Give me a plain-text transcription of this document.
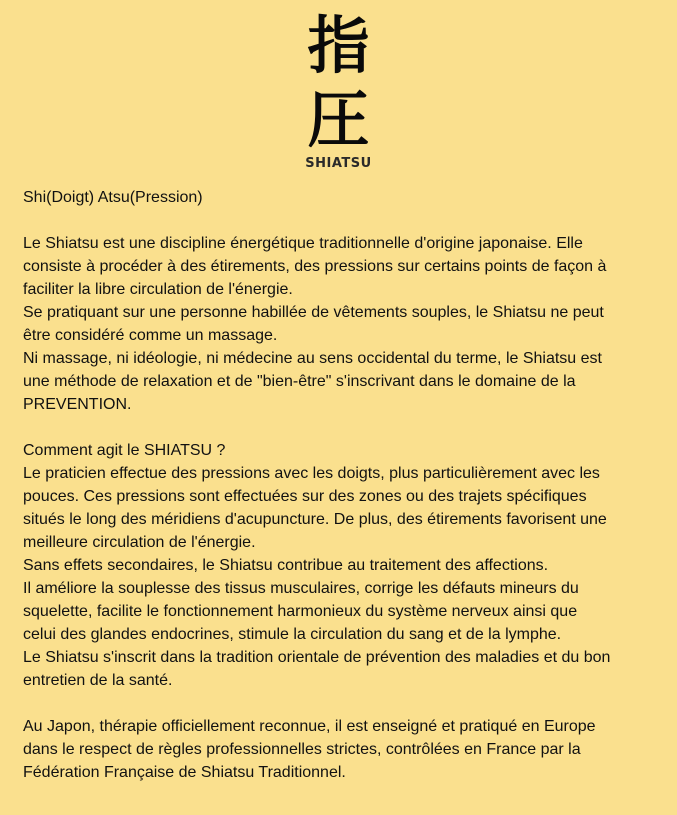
指
圧
SHIATSU

Shi(Doigt) Atsu(Pression)

Le Shiatsu est une discipline énergétique traditionnelle d'origine japonaise. Elle

consiste à procéder à des étirements, des pressions sur certains points de façon à

faciliter la libre circulation de l'énergie.

Se pratiquant sur une personne habillée de vêtements souples, le Shiatsu ne peut

être considéré comme un massage.

Ni massage, ni idéologie, ni médecine au sens occidental du terme, le Shiatsu est

une méthode de relaxation et de "bien-être" s'inscrivant dans le domaine de la

PREVENTION.

Comment agit le SHIATSU ?

Le praticien effectue des pressions avec les doigts, plus particulièrement avec les

pouces. Ces pressions sont effectuées sur des zones ou des trajets spécifiques

situés le long des méridiens d'acupuncture. De plus, des étirements favorisent une

meilleure circulation de l'énergie.

Sans effets secondaires, le Shiatsu contribue au traitement des affections.

Il améliore la souplesse des tissus musculaires, corrige les défauts mineurs du

squelette, facilite le fonctionnement harmonieux du système nerveux ainsi que

celui des glandes endocrines, stimule la circulation du sang et de la lymphe.

Le Shiatsu s'inscrit dans la tradition orientale de prévention des maladies et du bon

entretien de la santé.

Au Japon, thérapie officiellement reconnue, il est enseigné et pratiqué en Europe

dans le respect de règles professionnelles strictes, contrôlées en France par la

Fédération Française de Shiatsu Traditionnel.
